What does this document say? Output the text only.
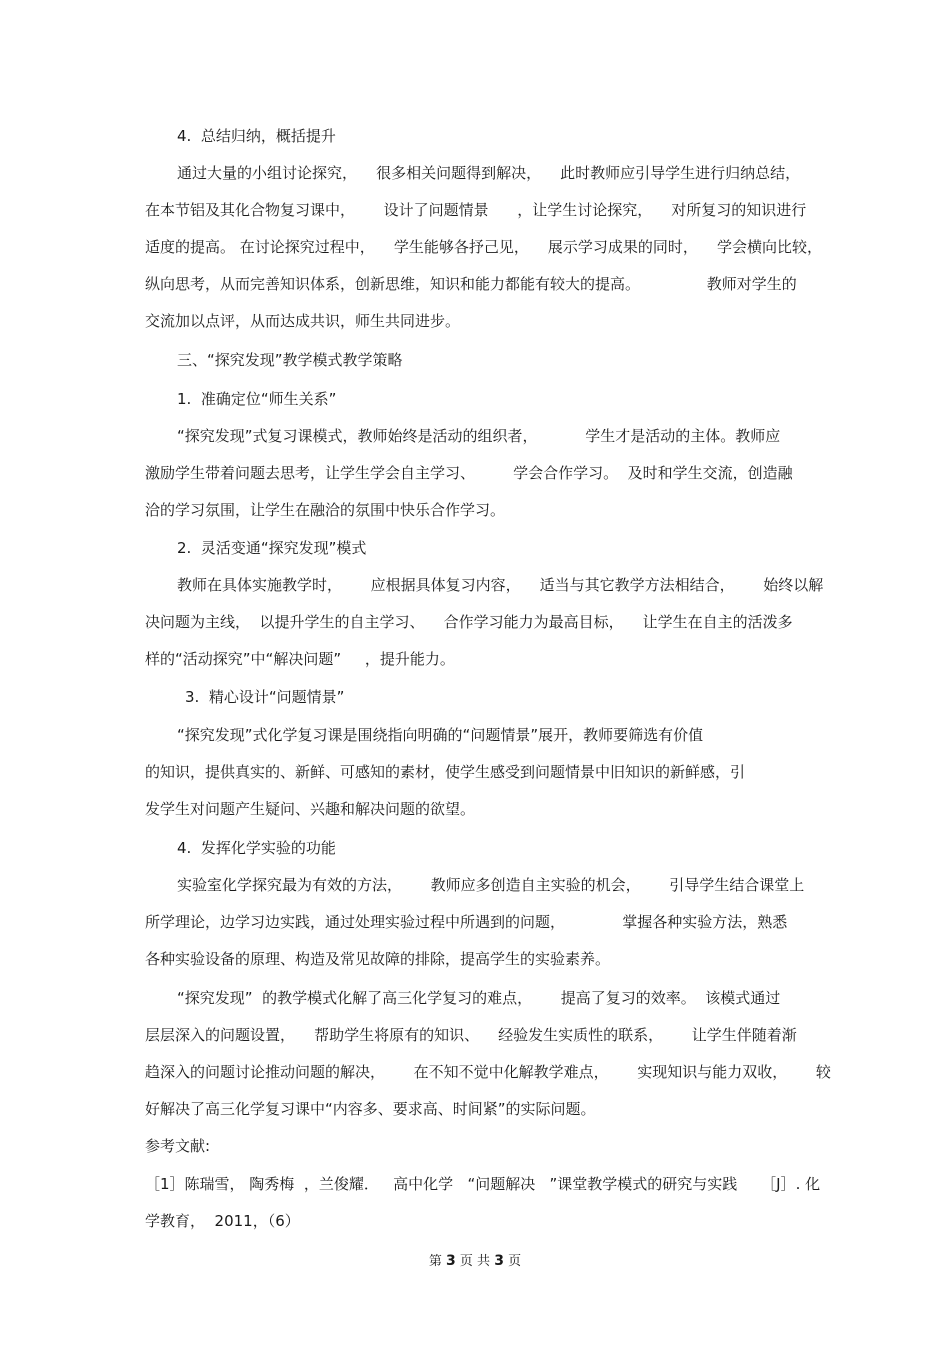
4.  总结归纳，概括提升
通过大量的小组讨论探究，    很多相关问题得到解决，    此时教师应引导学生进行归纳总结，
在本节铝及其化合物复习课中，      设计了问题情景      ，让学生讨论探究，    对所复习的知识进行
适度的提高。 在讨论探究过程中，    学生能够各抒己见，    展示学习成果的同时，    学会横向比较，
纵向思考，从而完善知识体系，创新思维，知识和能力都能有较大的提高。              教师对学生的
交流加以点评，从而达成共识，师生共同进步。
三、“探究发现”教学模式教学策略
1.  准确定位“师生关系”
“探究发现”式复习课模式，教师始终是活动的组织者，          学生才是活动的主体。教师应
激励学生带着问题去思考，让学生学会自主学习、        学会合作学习。  及时和学生交流，创造融
洽的学习氛围，让学生在融洽的氛围中快乐合作学习。
2.  灵活变通“探究发现”模式
教师在具体实施教学时，      应根据具体复习内容，    适当与其它教学方法相结合，      始终以解
决问题为主线，  以提升学生的自主学习、    合作学习能力为最高目标，    让学生在自主的活泼多
样的“活动探究”中“解决问题”     ，提升能力。
3.  精心设计“问题情景”
“探究发现”式化学复习课是围绕指向明确的“问题情景”展开，教师要筛选有价值
的知识，提供真实的、新鲜、可感知的素材，使学生感受到问题情景中旧知识的新鲜感，引
发学生对问题产生疑问、兴趣和解决问题的欲望。
4.  发挥化学实验的功能
实验室化学探究最为有效的方法，      教师应多创造自主实验的机会，      引导学生结合课堂上
所学理论，边学习边实践，通过处理实验过程中所遇到的问题，            掌握各种实验方法，熟悉
各种实验设备的原理、构造及常见故障的排除，提高学生的实验素养。
“探究发现”  的教学模式化解了高三化学复习的难点，      提高了复习的效率。  该模式通过
层层深入的问题设置，    帮助学生将原有的知识、    经验发生实质性的联系，      让学生伴随着渐
趋深入的问题讨论推动问题的解决，      在不知不觉中化解教学难点，      实现知识与能力双收，      较
好解决了高三化学复习课中“内容多、要求高、时间紧”的实际问题。
参考文献:
［1］陈瑞雪， 陶秀梅  ，兰俊耀．   高中化学   “问题解决   ”课堂教学模式的研究与实践     ［J］. 化
学教育，  2011，（6）
第 3 页 共 3 页
